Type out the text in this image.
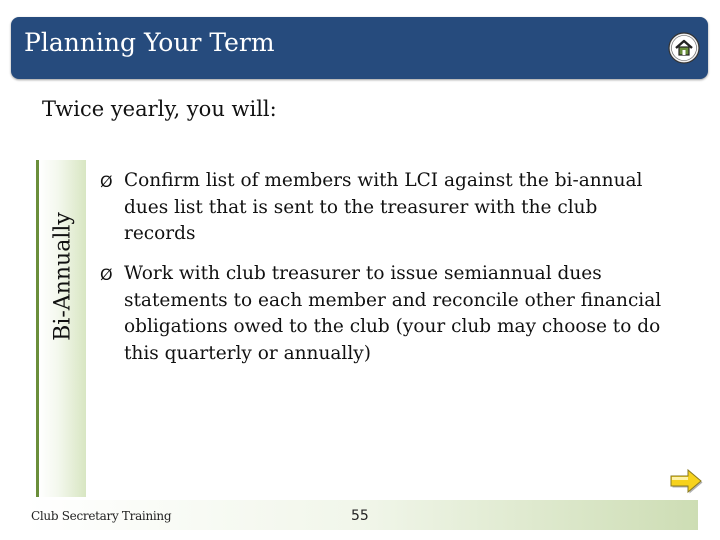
Planning Your Term
Twice yearly, you will:
Bi-Annually
Ø Confirm list of members with LCI against the bi-annual dues list that is sent to the treasurer with the club records
Ø Work with club treasurer to issue semiannual dues statements to each member and reconcile other financial obligations owed to the club (your club may choose to do this quarterly or annually)
Club Secretary Training	55
